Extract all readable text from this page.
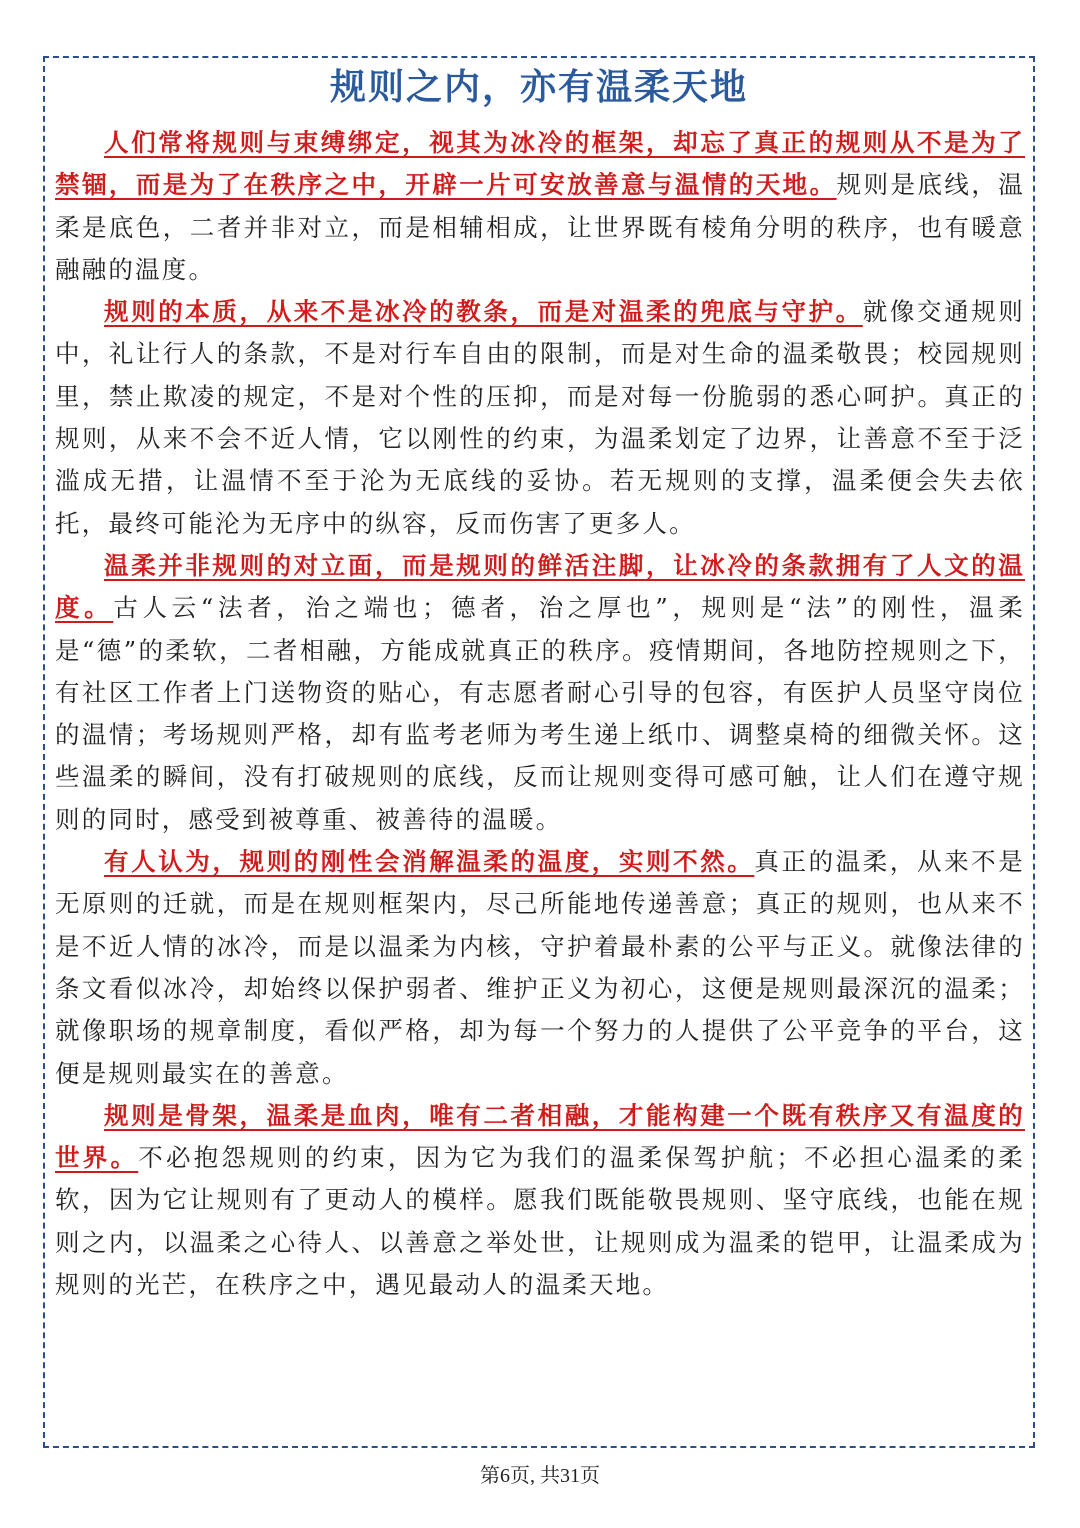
规则之内，亦有温柔天地

人们常将规则与束缚绑定，视其为冰冷的框架，却忘了真正的规则从不是为了禁锢，而是为了在秩序之中，开辟一片可安放善意与温情的天地。规则是底线，温柔是底色，二者并非对立，而是相辅相成，让世界既有棱角分明的秩序，也有暖意融融的温度。

规则的本质，从来不是冰冷的教条，而是对温柔的兜底与守护。就像交通规则中，礼让行人的条款，不是对行车自由的限制，而是对生命的温柔敬畏；校园规则里，禁止欺凌的规定，不是对个性的压抑，而是对每一份脆弱的悉心呵护。真正的规则，从来不会不近人情，它以刚性的约束，为温柔划定了边界，让善意不至于泛滥成无措，让温情不至于沦为无底线的妥协。若无规则的支撑，温柔便会失去依托，最终可能沦为无序中的纵容，反而伤害了更多人。

温柔并非规则的对立面，而是规则的鲜活注脚，让冰冷的条款拥有了人文的温度。古人云“法者，治之端也；德者，治之厚也”，规则是“法”的刚性，温柔是“德”的柔软，二者相融，方能成就真正的秩序。疫情期间，各地防控规则之下，有社区工作者上门送物资的贴心，有志愿者耐心引导的包容，有医护人员坚守岗位的温情；考场规则严格，却有监考老师为考生递上纸巾、调整桌椅的细微关怀。这些温柔的瞬间，没有打破规则的底线，反而让规则变得可感可触，让人们在遵守规则的同时，感受到被尊重、被善待的温暖。

有人认为，规则的刚性会消解温柔的温度，实则不然。真正的温柔，从来不是无原则的迁就，而是在规则框架内，尽己所能地传递善意；真正的规则，也从来不是不近人情的冰冷，而是以温柔为内核，守护着最朴素的公平与正义。就像法律的条文看似冰冷，却始终以保护弱者、维护正义为初心，这便是规则最深沉的温柔；就像职场的规章制度，看似严格，却为每一个努力的人提供了公平竞争的平台，这便是规则最实在的善意。

规则是骨架，温柔是血肉，唯有二者相融，才能构建一个既有秩序又有温度的世界。不必抱怨规则的约束，因为它为我们的温柔保驾护航；不必担心温柔的柔软，因为它让规则有了更动人的模样。愿我们既能敬畏规则、坚守底线，也能在规则之内，以温柔之心待人、以善意之举处世，让规则成为温柔的铠甲，让温柔成为规则的光芒，在秩序之中，遇见最动人的温柔天地。

第6页, 共31页
